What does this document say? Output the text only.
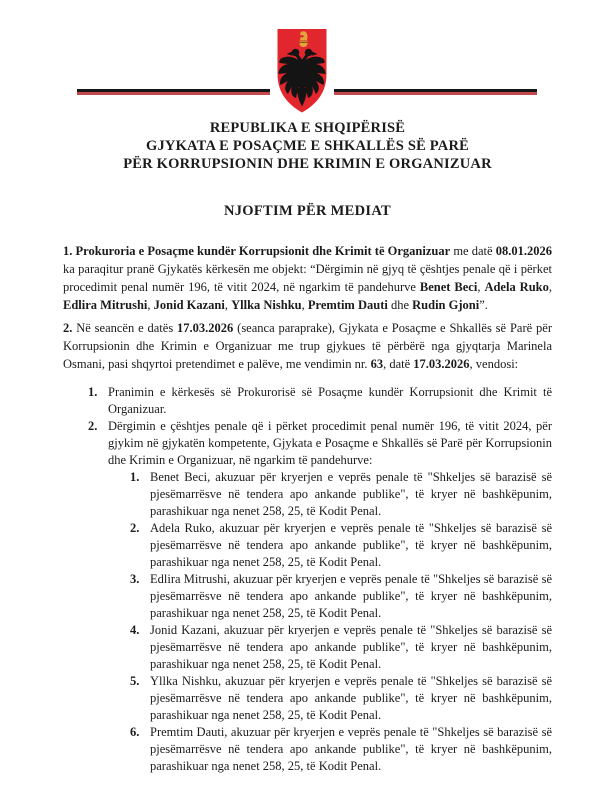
REPUBLIKA E SHQIPËRISË
GJYKATA E POSAÇME E SHKALLËS SË PARË
PËR KORRUPSIONIN DHE KRIMIN E ORGANIZUAR
NJOFTIM PËR MEDIAT

1. Prokuroria e Posaçme kundër Korrupsionit dhe Krimit të Organizuar me datë 08.01.2026 ka paraqitur pranë Gjykatës kërkesën me objekt: “Dërgimin në gjyq të çështjes penale që i përket procedimit penal numër 196, të vitit 2024, në ngarkim të pandehurve Benet Beci, Adela Ruko, Edlira Mitrushi, Jonid Kazani, Yllka Nishku, Premtim Dauti dhe Rudin Gjoni”.

2. Në seancën e datës 17.03.2026 (seanca paraprake), Gjykata e Posaçme e Shkallës së Parë për Korrupsionin dhe Krimin e Organizuar me trup gjykues të përbërë nga gjyqtarja Marinela Osmani, pasi shqyrtoi pretendimet e palëve, me vendimin nr. 63, datë 17.03.2026, vendosi:

1. Pranimin e kërkesës së Prokurorisë së Posaçme kundër Korrupsionit dhe Krimit të Organizuar.
2. Dërgimin e çështjes penale që i përket procedimit penal numër 196, të vitit 2024, për gjykim në gjykatën kompetente, Gjykata e Posaçme e Shkallës së Parë për Korrupsionin dhe Krimin e Organizuar, në ngarkim të pandehurve:
1. Benet Beci, akuzuar për kryerjen e veprës penale të "Shkeljes së barazisë së pjesëmarrësve në tendera apo ankande publike", të kryer në bashkëpunim, parashikuar nga nenet 258, 25, të Kodit Penal.
2. Adela Ruko, akuzuar për kryerjen e veprës penale të "Shkeljes së barazisë së pjesëmarrësve në tendera apo ankande publike", të kryer në bashkëpunim, parashikuar nga nenet 258, 25, të Kodit Penal.
3. Edlira Mitrushi, akuzuar për kryerjen e veprës penale të "Shkeljes së barazisë së pjesëmarrësve në tendera apo ankande publike", të kryer në bashkëpunim, parashikuar nga nenet 258, 25, të Kodit Penal.
4. Jonid Kazani, akuzuar për kryerjen e veprës penale të "Shkeljes së barazisë së pjesëmarrësve në tendera apo ankande publike", të kryer në bashkëpunim, parashikuar nga nenet 258, 25, të Kodit Penal.
5. Yllka Nishku, akuzuar për kryerjen e veprës penale të "Shkeljes së barazisë së pjesëmarrësve në tendera apo ankande publike", të kryer në bashkëpunim, parashikuar nga nenet 258, 25, të Kodit Penal.
6. Premtim Dauti, akuzuar për kryerjen e veprës penale të "Shkeljes së barazisë së pjesëmarrësve në tendera apo ankande publike", të kryer në bashkëpunim, parashikuar nga nenet 258, 25, të Kodit Penal.
